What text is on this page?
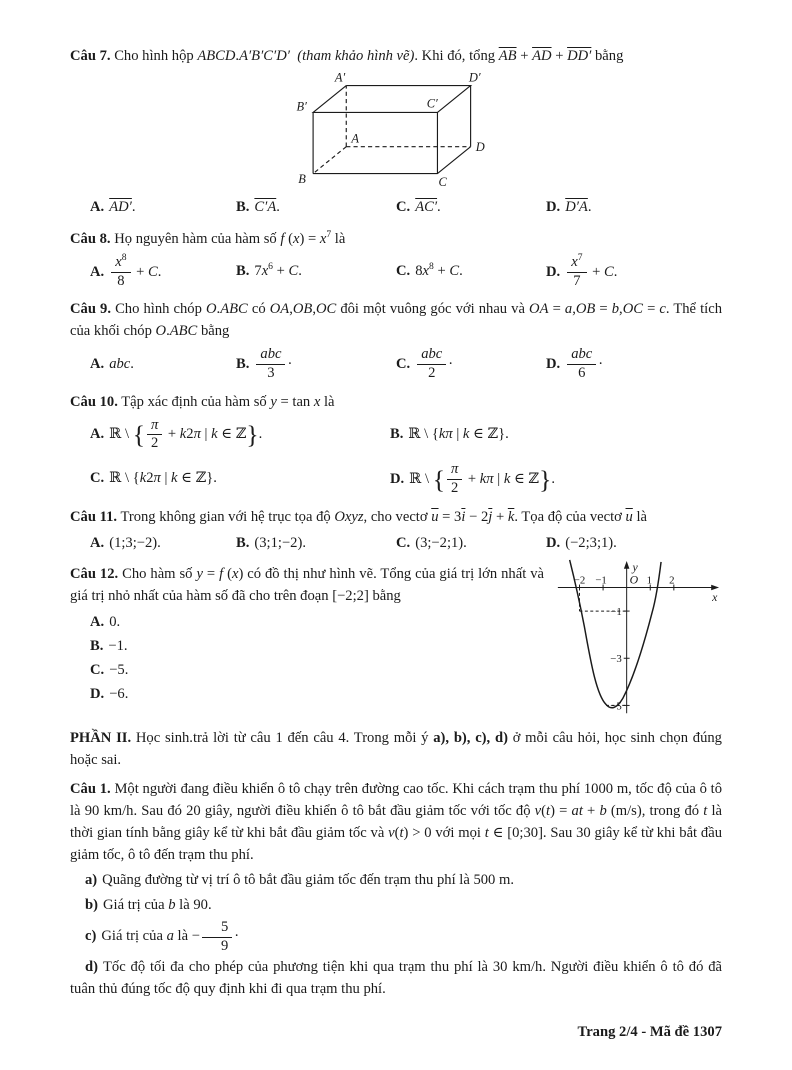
Câu 7. Cho hình hộp ABCD.A′B′C′D′ (tham khảo hình vẽ). Khi đó, tổng $\overline{AB} + \overline{AD} + DD'$ bằng

A′	D′
B′	C′
A
D
B	C
A. AD′.	B. C′A.	C. AC′.	D. D′A.

Câu 8. Họ nguyên hàm của hàm số f $(x) = x^7$ là

A. $\frac{x^8}{8} + C$.	B. $7x^6 + C$.	C. $8x^8 + C$.	D. $\frac{x^7}{7} + C$.

Câu 9. Cho hình chóp O.ABC có OA,OB,OC đôi một vuông góc với nhau và OA = a,OB = b,OC = c. Thể tích của khối chóp O.ABC bằng

A. abc.	B. $\frac{\text{abc}}{3}$ ·	C. $\frac{\text{abc}}{2}$ ·	D. $\frac{\text{abc}}{6}$ ·

Câu 10. Tập xác định của hàm số y = tan x là

A. ℝ \ { $\frac{\pi}{2} + k2\pi$ | k ∈ ℤ}.	B. ℝ \ {kπ | k ∈ ℤ}.
C. ℝ \ {k2π | k ∈ ℤ}.	D. ℝ \ { $\frac{\pi}{2} + k\pi$ | k ∈ ℤ}.

Câu 11. Trong không gian với hệ trục tọa độ Oxyz, cho vectơ $\overline{u} = 3\overline{i} - 2\overline{j} + \overline{k}$. Tọa độ của vectơ $\overline{u}$ là

A. (1;3;−2).	B. (3;1;−2).	C. (3;−2;1).	D. (−2;3;1).

Câu 12. Cho hàm số y = f (x) có đồ thị như hình vẽ. Tổng của giá trị lớn nhất và giá trị nhỏ nhất của hàm số đã cho trên đoạn [−2;2] bằng

A. 0.
B. −1.
C. −5.
D. −6.
y
x
O
−2 −1	1 2
−1
−3
−5

PHẦN II. Học sinh.trả lời từ câu 1 đến câu 4. Trong mỗi ý a), b), c), d) ở mỗi câu hỏi, học sinh chọn đúng hoặc sai.

Câu 1. Một người đang điều khiển ô tô chạy trên đường cao tốc. Khi cách trạm thu phí 1000 m, tốc độ của ô tô là 90 km/h. Sau đó 20 giây, người điều khiển ô tô bắt đầu giảm tốc với tốc độ v(t) = at + b (m/s), trong đó t là thời gian tính bằng giây kể từ khi bắt đầu giảm tốc và v(t) > 0 với mọi t ∈ [0;30]. Sau 30 giây kể từ khi bắt đầu giảm tốc, ô tô đến trạm thu phí.

a) Quãng đường từ vị trí ô tô bắt đầu giảm tốc đến trạm thu phí là 500 m.

b) Giá trị của b là 90.

c) Giá trị của a là − $\frac{5}{9}$ ·

d) Tốc độ tối đa cho phép của phương tiện khi qua trạm thu phí là 30 km/h. Người điều khiển ô tô đó đã tuân thủ đúng tốc độ quy định khi đi qua trạm thu phí.

Trang 2/4 - Mã đề 1307
